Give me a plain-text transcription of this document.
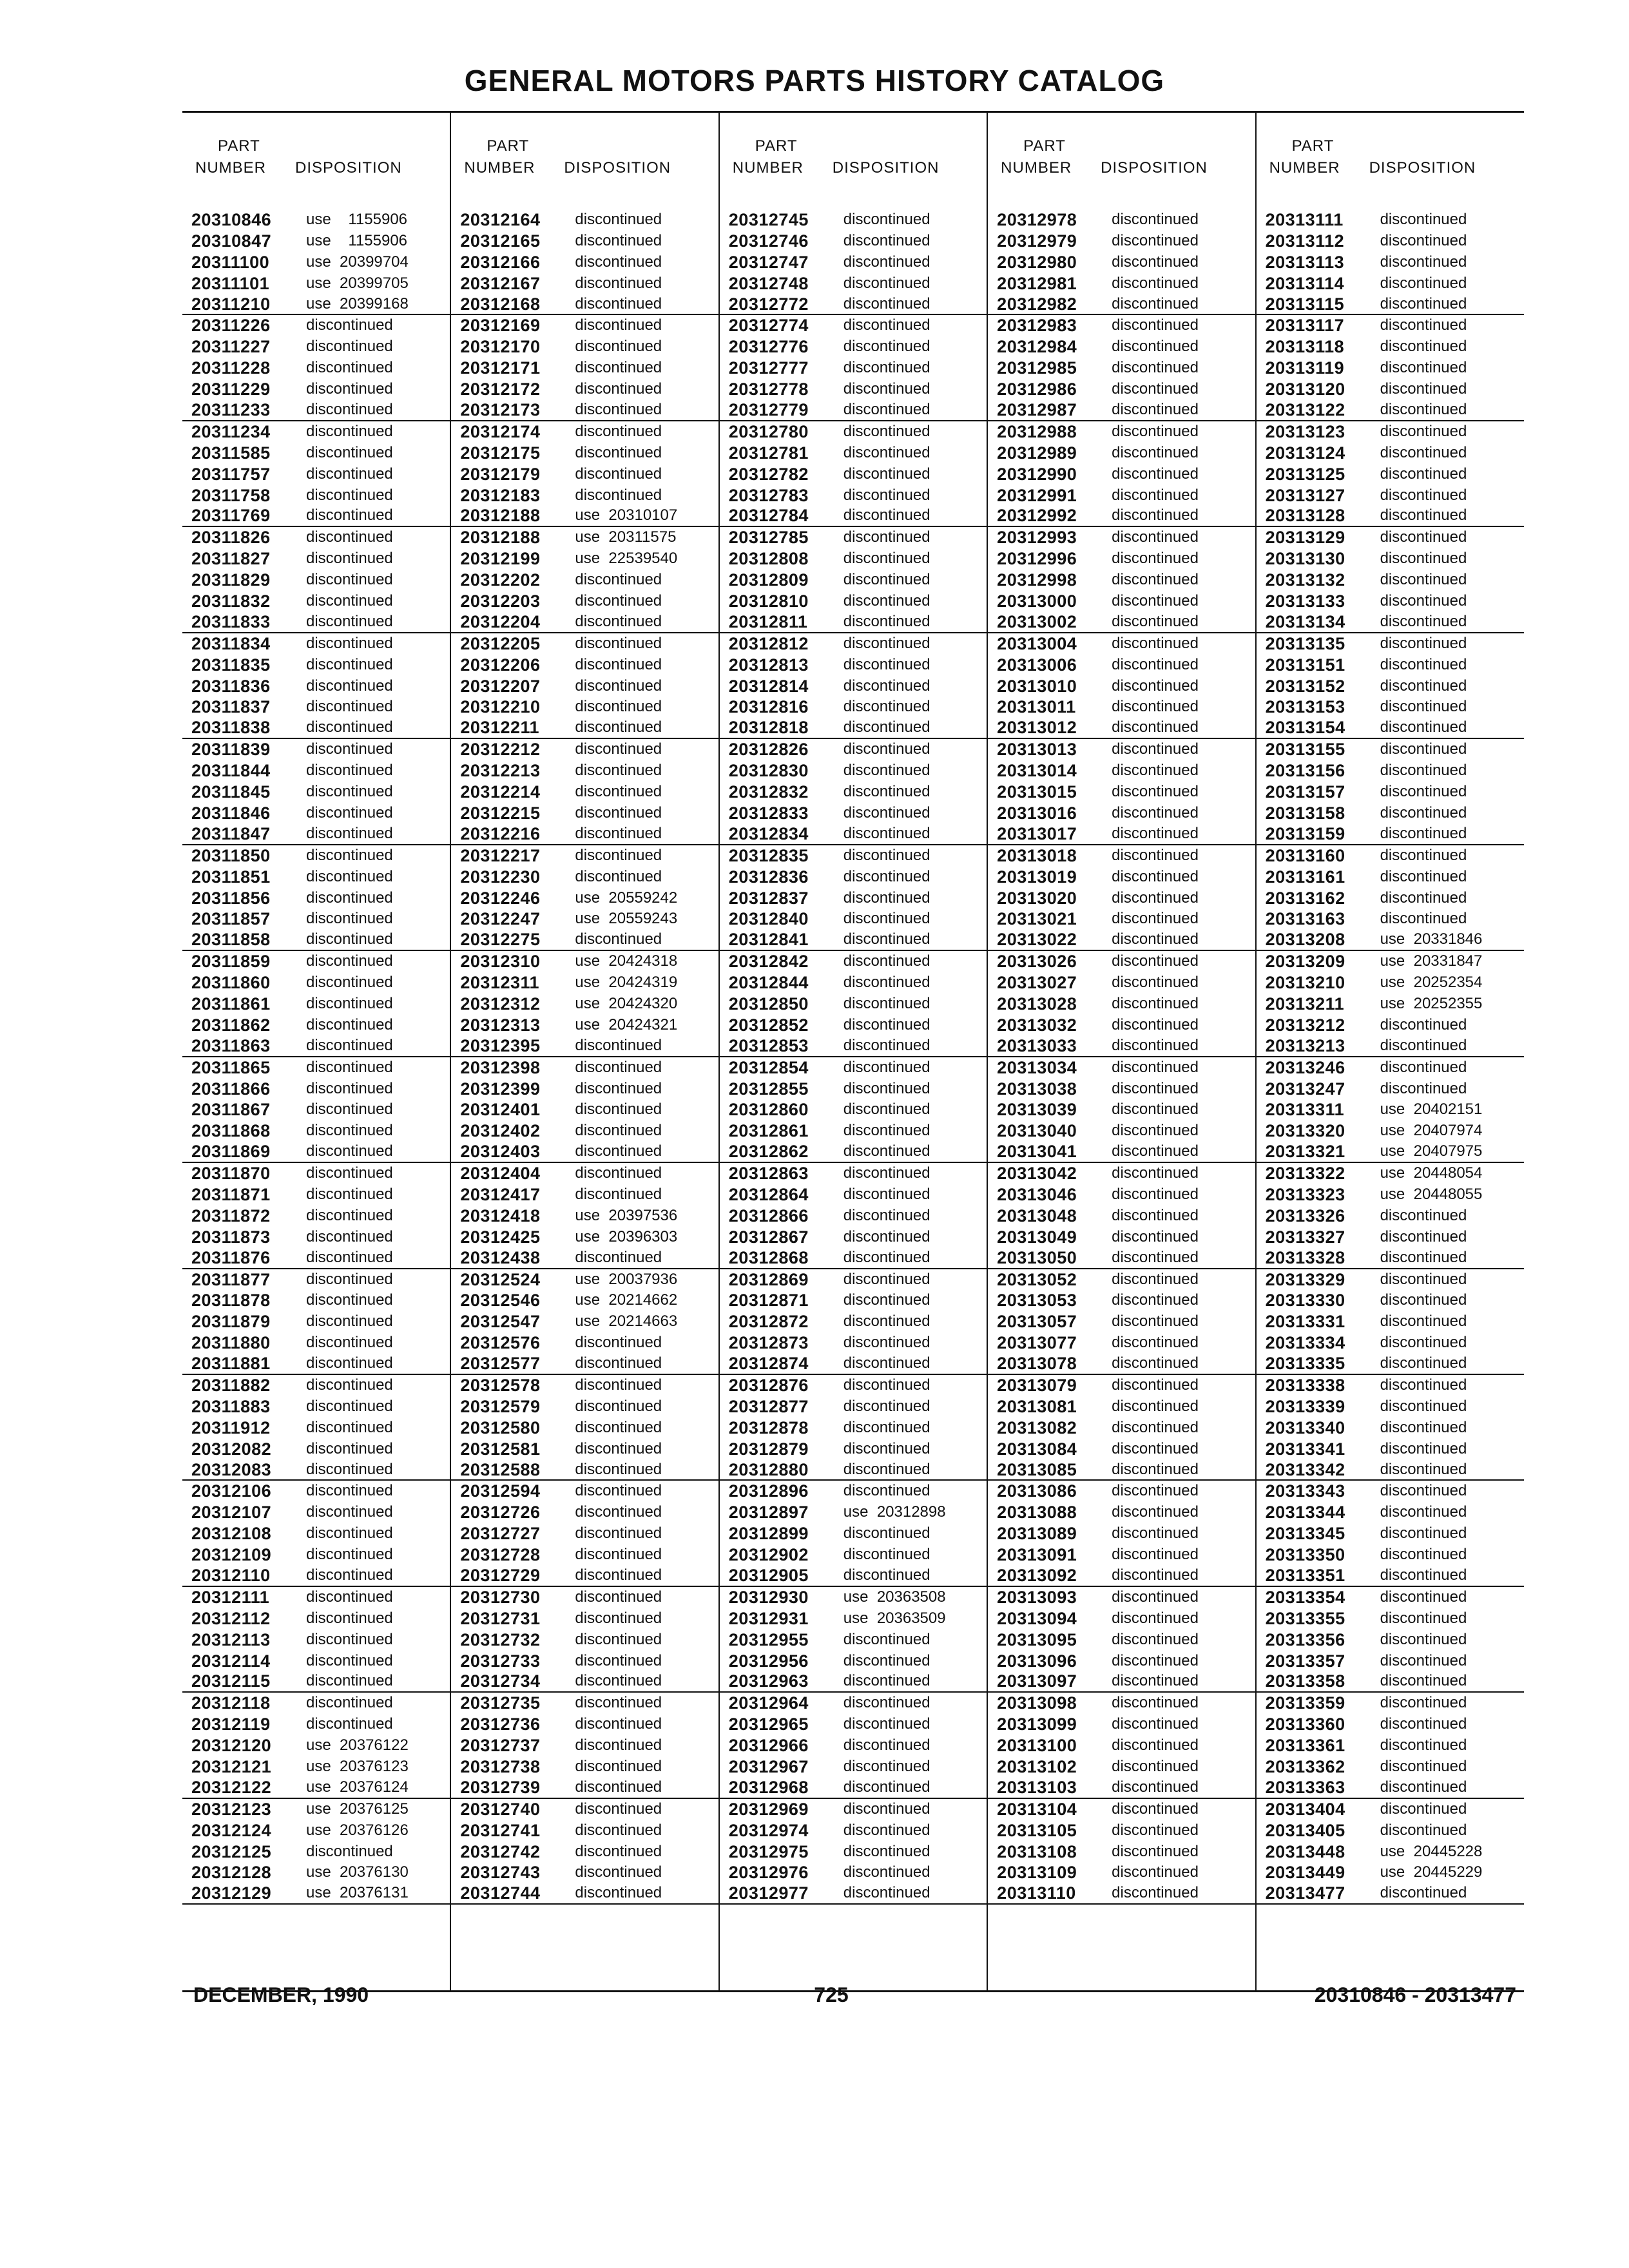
GENERAL MOTORS PARTS HISTORY CATALOG
PART
NUMBER DISPOSITION
20310846 use    1155906
20310847 use    1155906
20311100 use  20399704
20311101 use  20399705
20311210 use  20399168
20311226 discontinued
20311227 discontinued
20311228 discontinued
20311229 discontinued
20311233 discontinued
20311234 discontinued
20311585 discontinued
20311757 discontinued
20311758 discontinued
20311769 discontinued
20311826 discontinued
20311827 discontinued
20311829 discontinued
20311832 discontinued
20311833 discontinued
20311834 discontinued
20311835 discontinued
20311836 discontinued
20311837 discontinued
20311838 discontinued
20311839 discontinued
20311844 discontinued
20311845 discontinued
20311846 discontinued
20311847 discontinued
20311850 discontinued
20311851 discontinued
20311856 discontinued
20311857 discontinued
20311858 discontinued
20311859 discontinued
20311860 discontinued
20311861 discontinued
20311862 discontinued
20311863 discontinued
20311865 discontinued
20311866 discontinued
20311867 discontinued
20311868 discontinued
20311869 discontinued
20311870 discontinued
20311871 discontinued
20311872 discontinued
20311873 discontinued
20311876 discontinued
20311877 discontinued
20311878 discontinued
20311879 discontinued
20311880 discontinued
20311881 discontinued
20311882 discontinued
20311883 discontinued
20311912 discontinued
20312082 discontinued
20312083 discontinued
20312106 discontinued
20312107 discontinued
20312108 discontinued
20312109 discontinued
20312110 discontinued
20312111 discontinued
20312112 discontinued
20312113 discontinued
20312114 discontinued
20312115 discontinued
20312118 discontinued
20312119 discontinued
20312120 use  20376122
20312121 use  20376123
20312122 use  20376124
20312123 use  20376125
20312124 use  20376126
20312125 discontinued
20312128 use  20376130
20312129 use  20376131

PART
NUMBER DISPOSITION
20312164 discontinued
20312165 discontinued
20312166 discontinued
20312167 discontinued
20312168 discontinued
20312169 discontinued
20312170 discontinued
20312171 discontinued
20312172 discontinued
20312173 discontinued
20312174 discontinued
20312175 discontinued
20312179 discontinued
20312183 discontinued
20312188 use  20310107
20312188 use  20311575
20312199 use  22539540
20312202 discontinued
20312203 discontinued
20312204 discontinued
20312205 discontinued
20312206 discontinued
20312207 discontinued
20312210 discontinued
20312211 discontinued
20312212 discontinued
20312213 discontinued
20312214 discontinued
20312215 discontinued
20312216 discontinued
20312217 discontinued
20312230 discontinued
20312246 use  20559242
20312247 use  20559243
20312275 discontinued
20312310 use  20424318
20312311 use  20424319
20312312 use  20424320
20312313 use  20424321
20312395 discontinued
20312398 discontinued
20312399 discontinued
20312401 discontinued
20312402 discontinued
20312403 discontinued
20312404 discontinued
20312417 discontinued
20312418 use  20397536
20312425 use  20396303
20312438 discontinued
20312524 use  20037936
20312546 use  20214662
20312547 use  20214663
20312576 discontinued
20312577 discontinued
20312578 discontinued
20312579 discontinued
20312580 discontinued
20312581 discontinued
20312588 discontinued
20312594 discontinued
20312726 discontinued
20312727 discontinued
20312728 discontinued
20312729 discontinued
20312730 discontinued
20312731 discontinued
20312732 discontinued
20312733 discontinued
20312734 discontinued
20312735 discontinued
20312736 discontinued
20312737 discontinued
20312738 discontinued
20312739 discontinued
20312740 discontinued
20312741 discontinued
20312742 discontinued
20312743 discontinued
20312744 discontinued

PART
NUMBER DISPOSITION
20312745 discontinued
20312746 discontinued
20312747 discontinued
20312748 discontinued
20312772 discontinued
20312774 discontinued
20312776 discontinued
20312777 discontinued
20312778 discontinued
20312779 discontinued
20312780 discontinued
20312781 discontinued
20312782 discontinued
20312783 discontinued
20312784 discontinued
20312785 discontinued
20312808 discontinued
20312809 discontinued
20312810 discontinued
20312811 discontinued
20312812 discontinued
20312813 discontinued
20312814 discontinued
20312816 discontinued
20312818 discontinued
20312826 discontinued
20312830 discontinued
20312832 discontinued
20312833 discontinued
20312834 discontinued
20312835 discontinued
20312836 discontinued
20312837 discontinued
20312840 discontinued
20312841 discontinued
20312842 discontinued
20312844 discontinued
20312850 discontinued
20312852 discontinued
20312853 discontinued
20312854 discontinued
20312855 discontinued
20312860 discontinued
20312861 discontinued
20312862 discontinued
20312863 discontinued
20312864 discontinued
20312866 discontinued
20312867 discontinued
20312868 discontinued
20312869 discontinued
20312871 discontinued
20312872 discontinued
20312873 discontinued
20312874 discontinued
20312876 discontinued
20312877 discontinued
20312878 discontinued
20312879 discontinued
20312880 discontinued
20312896 discontinued
20312897 use  20312898
20312899 discontinued
20312902 discontinued
20312905 discontinued
20312930 use  20363508
20312931 use  20363509
20312955 discontinued
20312956 discontinued
20312963 discontinued
20312964 discontinued
20312965 discontinued
20312966 discontinued
20312967 discontinued
20312968 discontinued
20312969 discontinued
20312974 discontinued
20312975 discontinued
20312976 discontinued
20312977 discontinued

PART
NUMBER DISPOSITION
20312978 discontinued
20312979 discontinued
20312980 discontinued
20312981 discontinued
20312982 discontinued
20312983 discontinued
20312984 discontinued
20312985 discontinued
20312986 discontinued
20312987 discontinued
20312988 discontinued
20312989 discontinued
20312990 discontinued
20312991 discontinued
20312992 discontinued
20312993 discontinued
20312996 discontinued
20312998 discontinued
20313000 discontinued
20313002 discontinued
20313004 discontinued
20313006 discontinued
20313010 discontinued
20313011 discontinued
20313012 discontinued
20313013 discontinued
20313014 discontinued
20313015 discontinued
20313016 discontinued
20313017 discontinued
20313018 discontinued
20313019 discontinued
20313020 discontinued
20313021 discontinued
20313022 discontinued
20313026 discontinued
20313027 discontinued
20313028 discontinued
20313032 discontinued
20313033 discontinued
20313034 discontinued
20313038 discontinued
20313039 discontinued
20313040 discontinued
20313041 discontinued
20313042 discontinued
20313046 discontinued
20313048 discontinued
20313049 discontinued
20313050 discontinued
20313052 discontinued
20313053 discontinued
20313057 discontinued
20313077 discontinued
20313078 discontinued
20313079 discontinued
20313081 discontinued
20313082 discontinued
20313084 discontinued
20313085 discontinued
20313086 discontinued
20313088 discontinued
20313089 discontinued
20313091 discontinued
20313092 discontinued
20313093 discontinued
20313094 discontinued
20313095 discontinued
20313096 discontinued
20313097 discontinued
20313098 discontinued
20313099 discontinued
20313100 discontinued
20313102 discontinued
20313103 discontinued
20313104 discontinued
20313105 discontinued
20313108 discontinued
20313109 discontinued
20313110 discontinued

PART
NUMBER DISPOSITION
20313111 discontinued
20313112 discontinued
20313113 discontinued
20313114 discontinued
20313115 discontinued
20313117 discontinued
20313118 discontinued
20313119 discontinued
20313120 discontinued
20313122 discontinued
20313123 discontinued
20313124 discontinued
20313125 discontinued
20313127 discontinued
20313128 discontinued
20313129 discontinued
20313130 discontinued
20313132 discontinued
20313133 discontinued
20313134 discontinued
20313135 discontinued
20313151 discontinued
20313152 discontinued
20313153 discontinued
20313154 discontinued
20313155 discontinued
20313156 discontinued
20313157 discontinued
20313158 discontinued
20313159 discontinued
20313160 discontinued
20313161 discontinued
20313162 discontinued
20313163 discontinued
20313208 use  20331846
20313209 use  20331847
20313210 use  20252354
20313211 use  20252355
20313212 discontinued
20313213 discontinued
20313246 discontinued
20313247 discontinued
20313311 use  20402151
20313320 use  20407974
20313321 use  20407975
20313322 use  20448054
20313323 use  20448055
20313326 discontinued
20313327 discontinued
20313328 discontinued
20313329 discontinued
20313330 discontinued
20313331 discontinued
20313334 discontinued
20313335 discontinued
20313338 discontinued
20313339 discontinued
20313340 discontinued
20313341 discontinued
20313342 discontinued
20313343 discontinued
20313344 discontinued
20313345 discontinued
20313350 discontinued
20313351 discontinued
20313354 discontinued
20313355 discontinued
20313356 discontinued
20313357 discontinued
20313358 discontinued
20313359 discontinued
20313360 discontinued
20313361 discontinued
20313362 discontinued
20313363 discontinued
20313404 discontinued
20313405 discontinued
20313448 use  20445228
20313449 use  20445229
20313477 discontinued
DECEMBER, 1990	725	20310846 - 20313477
